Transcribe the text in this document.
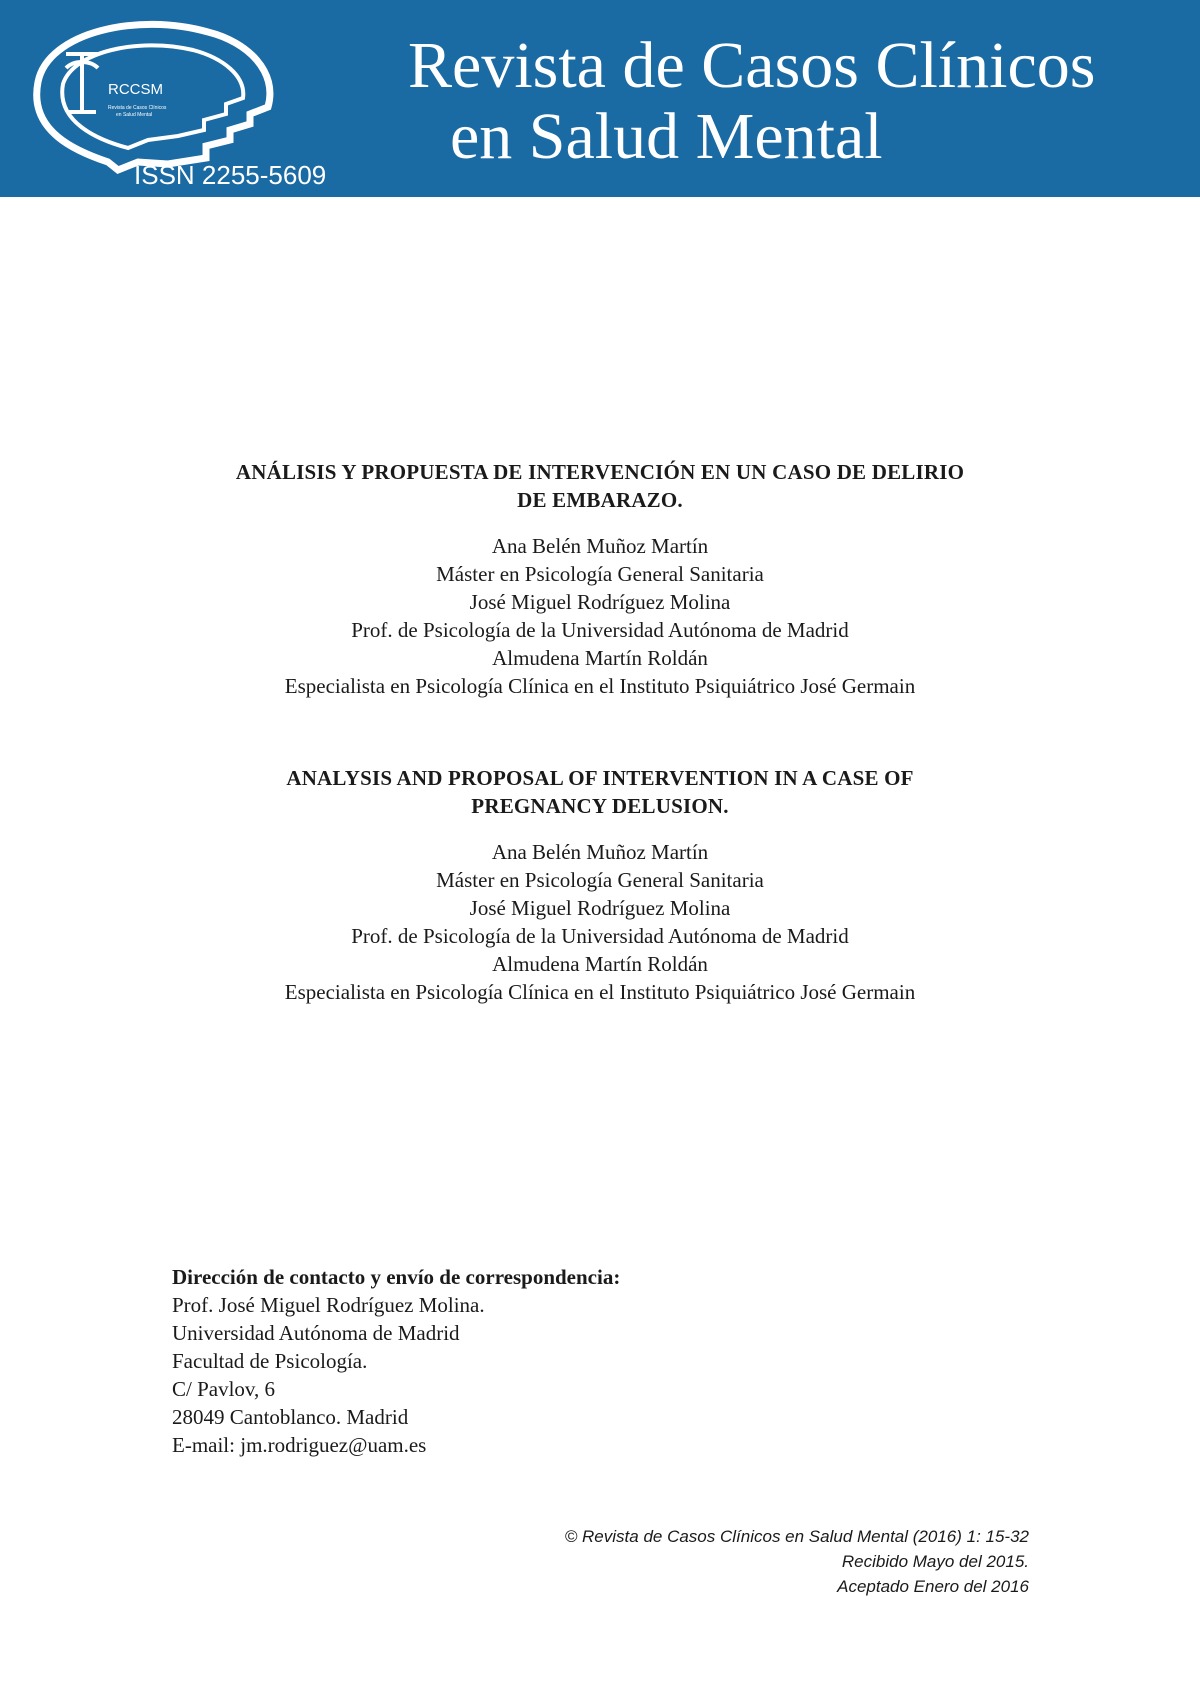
RCCSM
Revista de Casos Clínicos
en Salud Mental
ISSN 2255-5609
Revista de Casos Clínicos
en Salud Mental
ANÁLISIS Y PROPUESTA DE INTERVENCIÓN EN UN CASO DE DELIRIO
DE EMBARAZO.
Ana Belén Muñoz Martín
Máster en Psicología General Sanitaria
José Miguel Rodríguez Molina
Prof. de Psicología de la Universidad Autónoma de Madrid
Almudena Martín Roldán
Especialista en Psicología Clínica en el Instituto Psiquiátrico José Germain
ANALYSIS AND PROPOSAL OF INTERVENTION IN A CASE OF
PREGNANCY DELUSION.
Ana Belén Muñoz Martín
Máster en Psicología General Sanitaria
José Miguel Rodríguez Molina
Prof. de Psicología de la Universidad Autónoma de Madrid
Almudena Martín Roldán
Especialista en Psicología Clínica en el Instituto Psiquiátrico José Germain
Dirección de contacto y envío de correspondencia:
Prof. José Miguel Rodríguez Molina.
Universidad Autónoma de Madrid
Facultad de Psicología.
C/ Pavlov, 6
28049 Cantoblanco. Madrid
E-mail: jm.rodriguez@uam.es
© Revista de Casos Clínicos en Salud Mental (2016) 1: 15-32
Recibido Mayo del 2015.
Aceptado Enero del 2016
